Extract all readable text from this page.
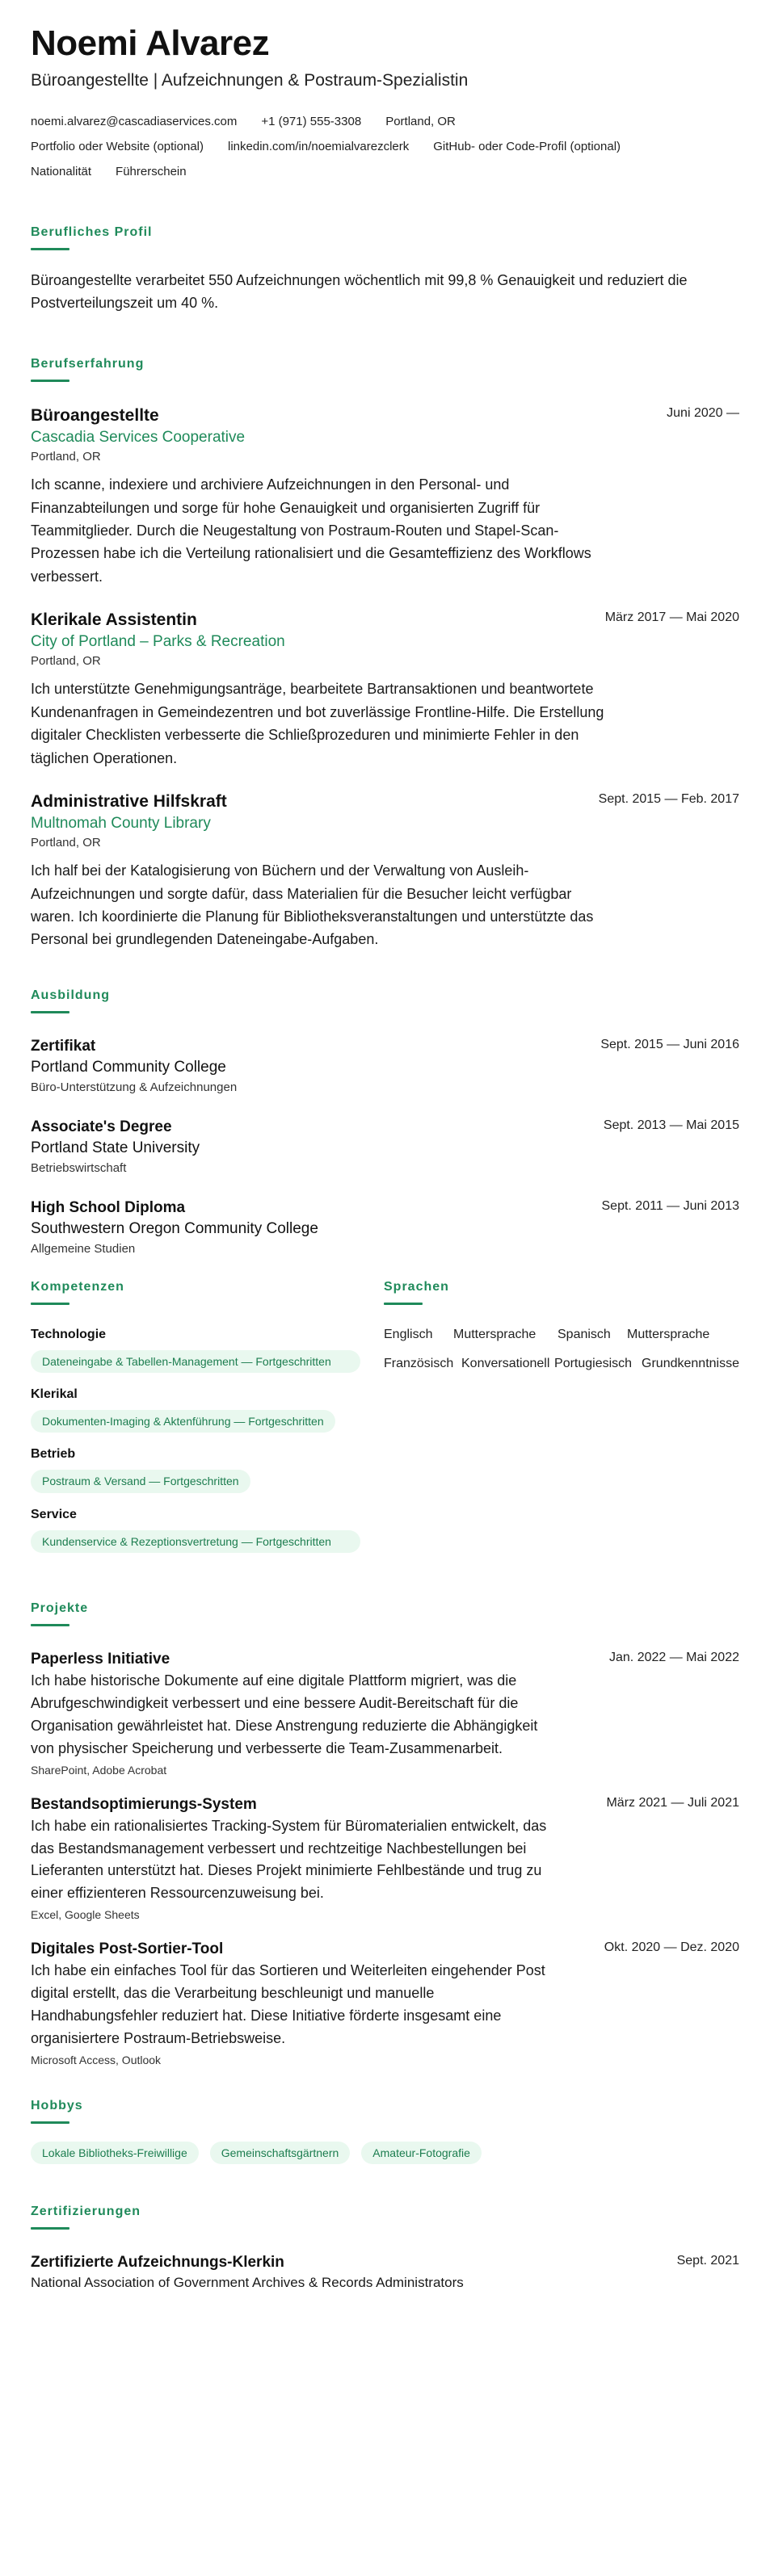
Noemi Alvarez
Büroangestellte | Aufzeichnungen & Postraum-Spezialistin
noemi.alvarez@cascadiaservices.com +1 (971) 555-3308 Portland, OR
Portfolio oder Website (optional) linkedin.com/in/noemialvarezclerk GitHub- oder Code-Profil (optional)
Nationalität Führerschein
Berufliches Profil
Büroangestellte verarbeitet 550 Aufzeichnungen wöchentlich mit 99,8 % Genauigkeit und reduziert die Postverteilungszeit um 40 %.
Berufserfahrung
Büroangestellte
Cascadia Services Cooperative
Portland, OR
Juni 2020 —
Ich scanne, indexiere und archiviere Aufzeichnungen in den Personal- und Finanzabteilungen und sorge für hohe Genauigkeit und organisierten Zugriff für Teammitglieder. Durch die Neugestaltung von Postraum-Routen und Stapel-Scan-Prozessen habe ich die Verteilung rationalisiert und die Gesamteffizienz des Workflows verbessert.
Klerikale Assistentin
City of Portland – Parks & Recreation
Portland, OR
März 2017 — Mai 2020
Ich unterstützte Genehmigungsanträge, bearbeitete Bartransaktionen und beantwortete Kundenanfragen in Gemeindezentren und bot zuverlässige Frontline-Hilfe. Die Erstellung digitaler Checklisten verbesserte die Schließprozeduren und minimierte Fehler in den täglichen Operationen.
Administrative Hilfskraft
Multnomah County Library
Portland, OR
Sept. 2015 — Feb. 2017
Ich half bei der Katalogisierung von Büchern und der Verwaltung von Ausleih-Aufzeichnungen und sorgte dafür, dass Materialien für die Besucher leicht verfügbar waren. Ich koordinierte die Planung für Bibliotheksveranstaltungen und unterstützte das Personal bei grundlegenden Dateneingabe-Aufgaben.
Ausbildung
Zertifikat
Portland Community College
Büro-Unterstützung & Aufzeichnungen
Sept. 2015 — Juni 2016
Associate's Degree
Portland State University
Betriebswirtschaft
Sept. 2013 — Mai 2015
High School Diploma
Southwestern Oregon Community College
Allgemeine Studien
Sept. 2011 — Juni 2013
Kompetenzen
Technologie
Dateneingabe & Tabellen-Management — Fortgeschritten
Klerikal
Dokumenten-Imaging & Aktenführung — Fortgeschritten
Betrieb
Postraum & Versand — Fortgeschritten
Service
Kundenservice & Rezeptionsvertretung — Fortgeschritten
Sprachen
Englisch	Muttersprache Spanisch	Muttersprache
Französisch Konversationell Portugiesisch Grundkenntnisse
Projekte
Paperless Initiative	Jan. 2022 — Mai 2022
Ich habe historische Dokumente auf eine digitale Plattform migriert, was die Abrufgeschwindigkeit verbessert und eine bessere Audit-Bereitschaft für die Organisation gewährleistet hat. Diese Anstrengung reduzierte die Abhängigkeit von physischer Speicherung und verbesserte die Team-Zusammenarbeit.
SharePoint, Adobe Acrobat
Bestandsoptimierungs-System	März 2021 — Juli 2021
Ich habe ein rationalisiertes Tracking-System für Büromaterialien entwickelt, das das Bestandsmanagement verbessert und rechtzeitige Nachbestellungen bei Lieferanten unterstützt hat. Dieses Projekt minimierte Fehlbestände und trug zu einer effizienteren Ressourcenzuweisung bei.
Excel, Google Sheets
Digitales Post-Sortier-Tool	Okt. 2020 — Dez. 2020
Ich habe ein einfaches Tool für das Sortieren und Weiterleiten eingehender Post digital erstellt, das die Verarbeitung beschleunigt und manuelle Handhabungsfehler reduziert hat. Diese Initiative förderte insgesamt eine organisiertere Postraum-Betriebsweise.
Microsoft Access, Outlook
Hobbys
Lokale Bibliotheks-Freiwillige	Gemeinschaftsgärtnern	Amateur-Fotografie
Zertifizierungen
Zertifizierte Aufzeichnungs-Klerkin
National Association of Government Archives & Records Administrators
Sept. 2021
